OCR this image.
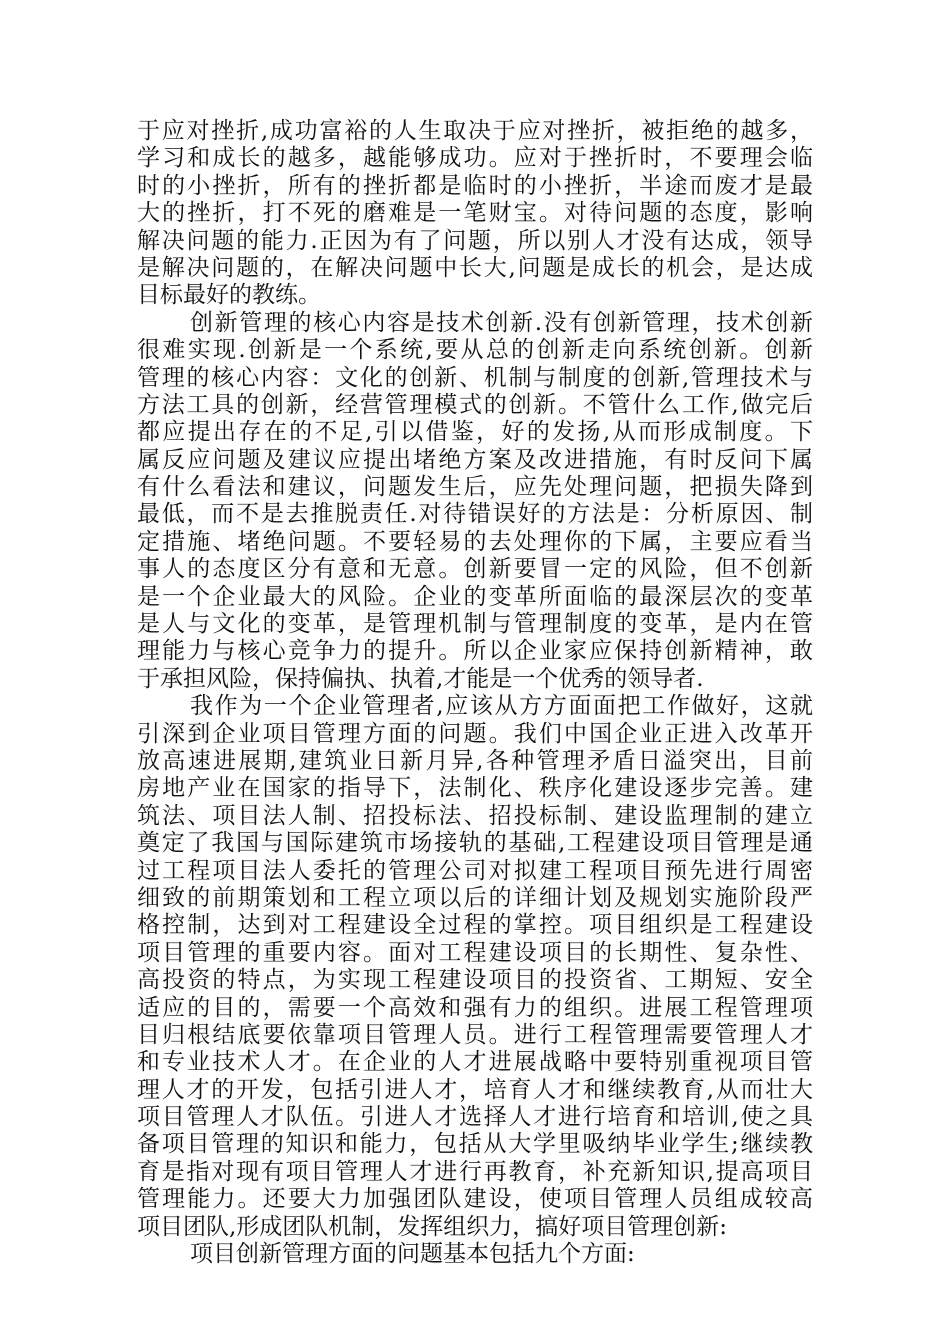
于应对挫折,成功富裕的人生取决于应对挫折，被拒绝的越多，
学习和成长的越多，越能够成功。应对于挫折时，不要理会临
时的小挫折，所有的挫折都是临时的小挫折，半途而废才是最
大的挫折，打不死的磨难是一笔财宝。对待问题的态度，影响
解决问题的能力.正因为有了问题，所以别人才没有达成，领导
是解决问题的，在解决问题中长大,问题是成长的机会，是达成
目标最好的教练。
创新管理的核心内容是技术创新.没有创新管理，技术创新
很难实现.创新是一个系统,要从总的创新走向系统创新。创新
管理的核心内容：文化的创新、机制与制度的创新,管理技术与
方法工具的创新，经营管理模式的创新。不管什么工作,做完后
都应提出存在的不足,引以借鉴，好的发扬,从而形成制度。下
属反应问题及建议应提出堵绝方案及改进措施，有时反问下属
有什么看法和建议，问题发生后，应先处理问题，把损失降到
最低，而不是去推脱责任.对待错误好的方法是：分析原因、制
定措施、堵绝问题。不要轻易的去处理你的下属，主要应看当
事人的态度区分有意和无意。创新要冒一定的风险，但不创新
是一个企业最大的风险。企业的变革所面临的最深层次的变革
是人与文化的变革，是管理机制与管理制度的变革，是内在管
理能力与核心竞争力的提升。所以企业家应保持创新精神，敢
于承担风险，保持偏执、执着,才能是一个优秀的领导者.
我作为一个企业管理者,应该从方方面面把工作做好，这就
引深到企业项目管理方面的问题。我们中国企业正进入改革开
放高速进展期,建筑业日新月异,各种管理矛盾日溢突出，目前
房地产业在国家的指导下，法制化、秩序化建设逐步完善。建
筑法、项目法人制、招投标法、招投标制、建设监理制的建立
奠定了我国与国际建筑市场接轨的基础,工程建设项目管理是通
过工程项目法人委托的管理公司对拟建工程项目预先进行周密
细致的前期策划和工程立项以后的详细计划及规划实施阶段严
格控制，达到对工程建设全过程的掌控。项目组织是工程建设
项目管理的重要内容。面对工程建设项目的长期性、复杂性、
高投资的特点，为实现工程建设项目的投资省、工期短、安全
适应的目的，需要一个高效和强有力的组织。进展工程管理项
目归根结底要依靠项目管理人员。进行工程管理需要管理人才
和专业技术人才。在企业的人才进展战略中要特别重视项目管
理人才的开发，包括引进人才，培育人才和继续教育,从而壮大
项目管理人才队伍。引进人才选择人才进行培育和培训,使之具
备项目管理的知识和能力，包括从大学里吸纳毕业学生;继续教
育是指对现有项目管理人才进行再教育，补充新知识,提高项目
管理能力。还要大力加强团队建设，使项目管理人员组成较高
项目团队,形成团队机制，发挥组织力，搞好项目管理创新:
项目创新管理方面的问题基本包括九个方面:
